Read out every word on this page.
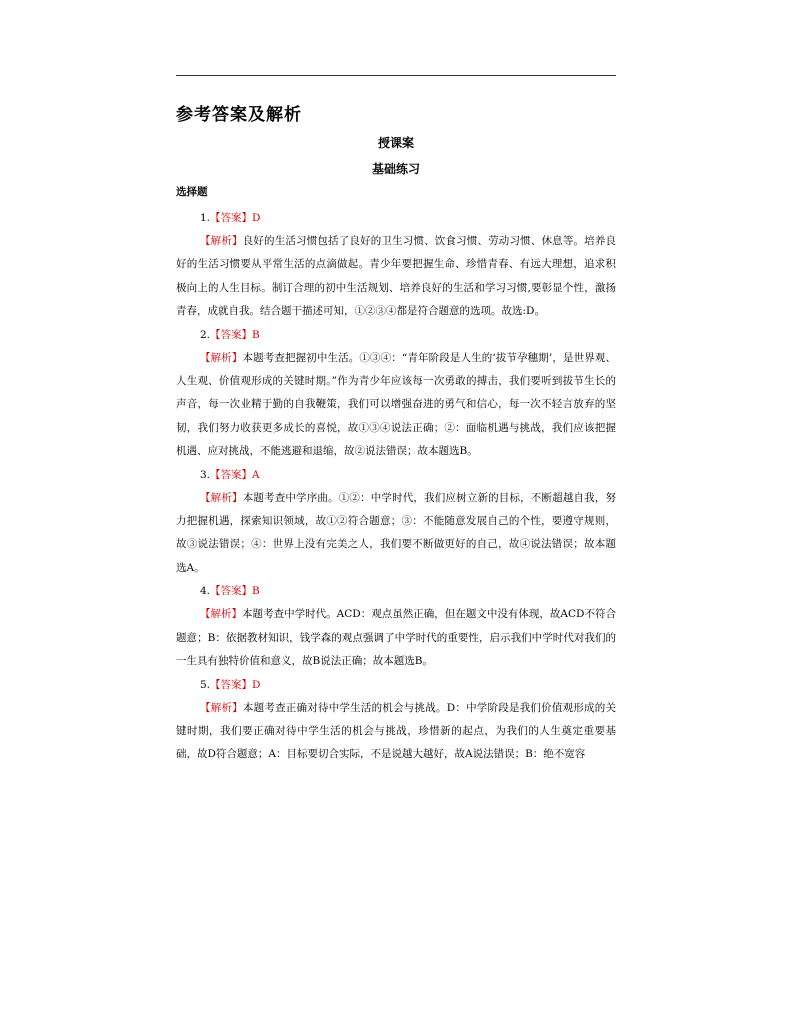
参考答案及解析
授课案
基础练习
选择题

1.【答案】D

【解析】良好的生活习惯包括了良好的卫生习惯、饮食习惯、劳动习惯、休息等。培养良好的生活习惯要从平常生活的点滴做起。青少年要把握生命、珍惜青春、有远大理想，追求积极向上的人生目标。制订合理的初中生活规划、培养良好的生活和学习习惯,要彰显个性，激扬青春，成就自我。结合题干描述可知，①②③④都是符合题意的选项。故选:D。

2.【答案】B

【解析】本题考查把握初中生活。①③④：“青年阶段是人生的‘拔节孕穗期’，是世界观、人生观、价值观形成的关键时期。”作为青少年应该每一次勇敢的搏击，我们要听到拔节生长的声音，每一次业精于勤的自我鞭策，我们可以增强奋进的勇气和信心，每一次不轻言放弃的坚韧，我们努力收获更多成长的喜悦，故①③④说法正确；②：面临机遇与挑战，我们应该把握机遇、应对挑战，不能逃避和退缩，故②说法错误；故本题选B。

3.【答案】A

【解析】本题考查中学序曲。①②：中学时代，我们应树立新的目标，不断超越自我，努力把握机遇，探索知识领域，故①②符合题意；③：不能随意发展自己的个性，要遵守规则，故③说法错误；④：世界上没有完美之人，我们要不断做更好的自己，故④说法错误；故本题选A。

4.【答案】B

【解析】本题考查中学时代。ACD：观点虽然正确，但在题文中没有体现，故ACD不符合题意；B：依据教材知识，钱学森的观点强调了中学时代的重要性，启示我们中学时代对我们的一生具有独特价值和意义，故B说法正确；故本题选B。

5.【答案】D

【解析】本题考查正确对待中学生活的机会与挑战。D：中学阶段是我们价值观形成的关键时期，我们要正确对待中学生活的机会与挑战，珍惜新的起点，为我们的人生奠定重要基础，故D符合题意；A：目标要切合实际，不是说越大越好，故A说法错误；B：绝不宽容
